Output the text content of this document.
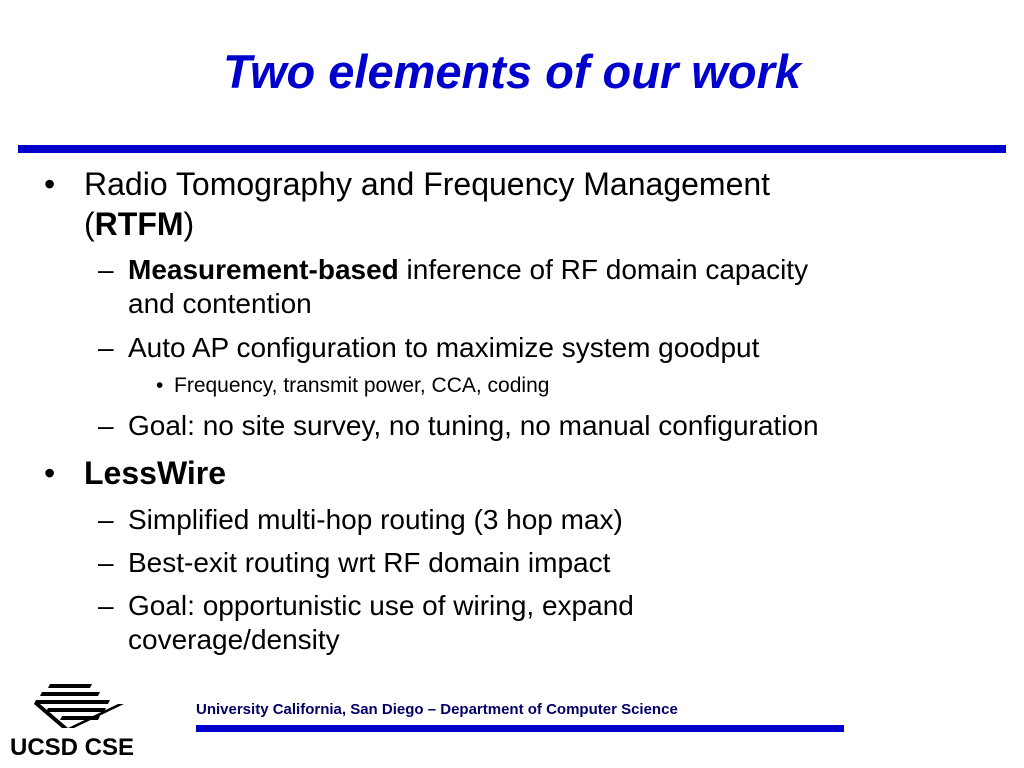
Two elements of our work
• Radio Tomography and Frequency Management
(RTFM)
– Measurement-based inference of RF domain capacity
and contention
– Auto AP configuration to maximize system goodput
• Frequency, transmit power, CCA, coding
– Goal: no site survey, no tuning, no manual configuration
• LessWire
– Simplified multi-hop routing (3 hop max)
– Best-exit routing wrt RF domain impact
– Goal: opportunistic use of wiring, expand
coverage/density
UCSD CSE
University California, San Diego – Department of Computer Science
